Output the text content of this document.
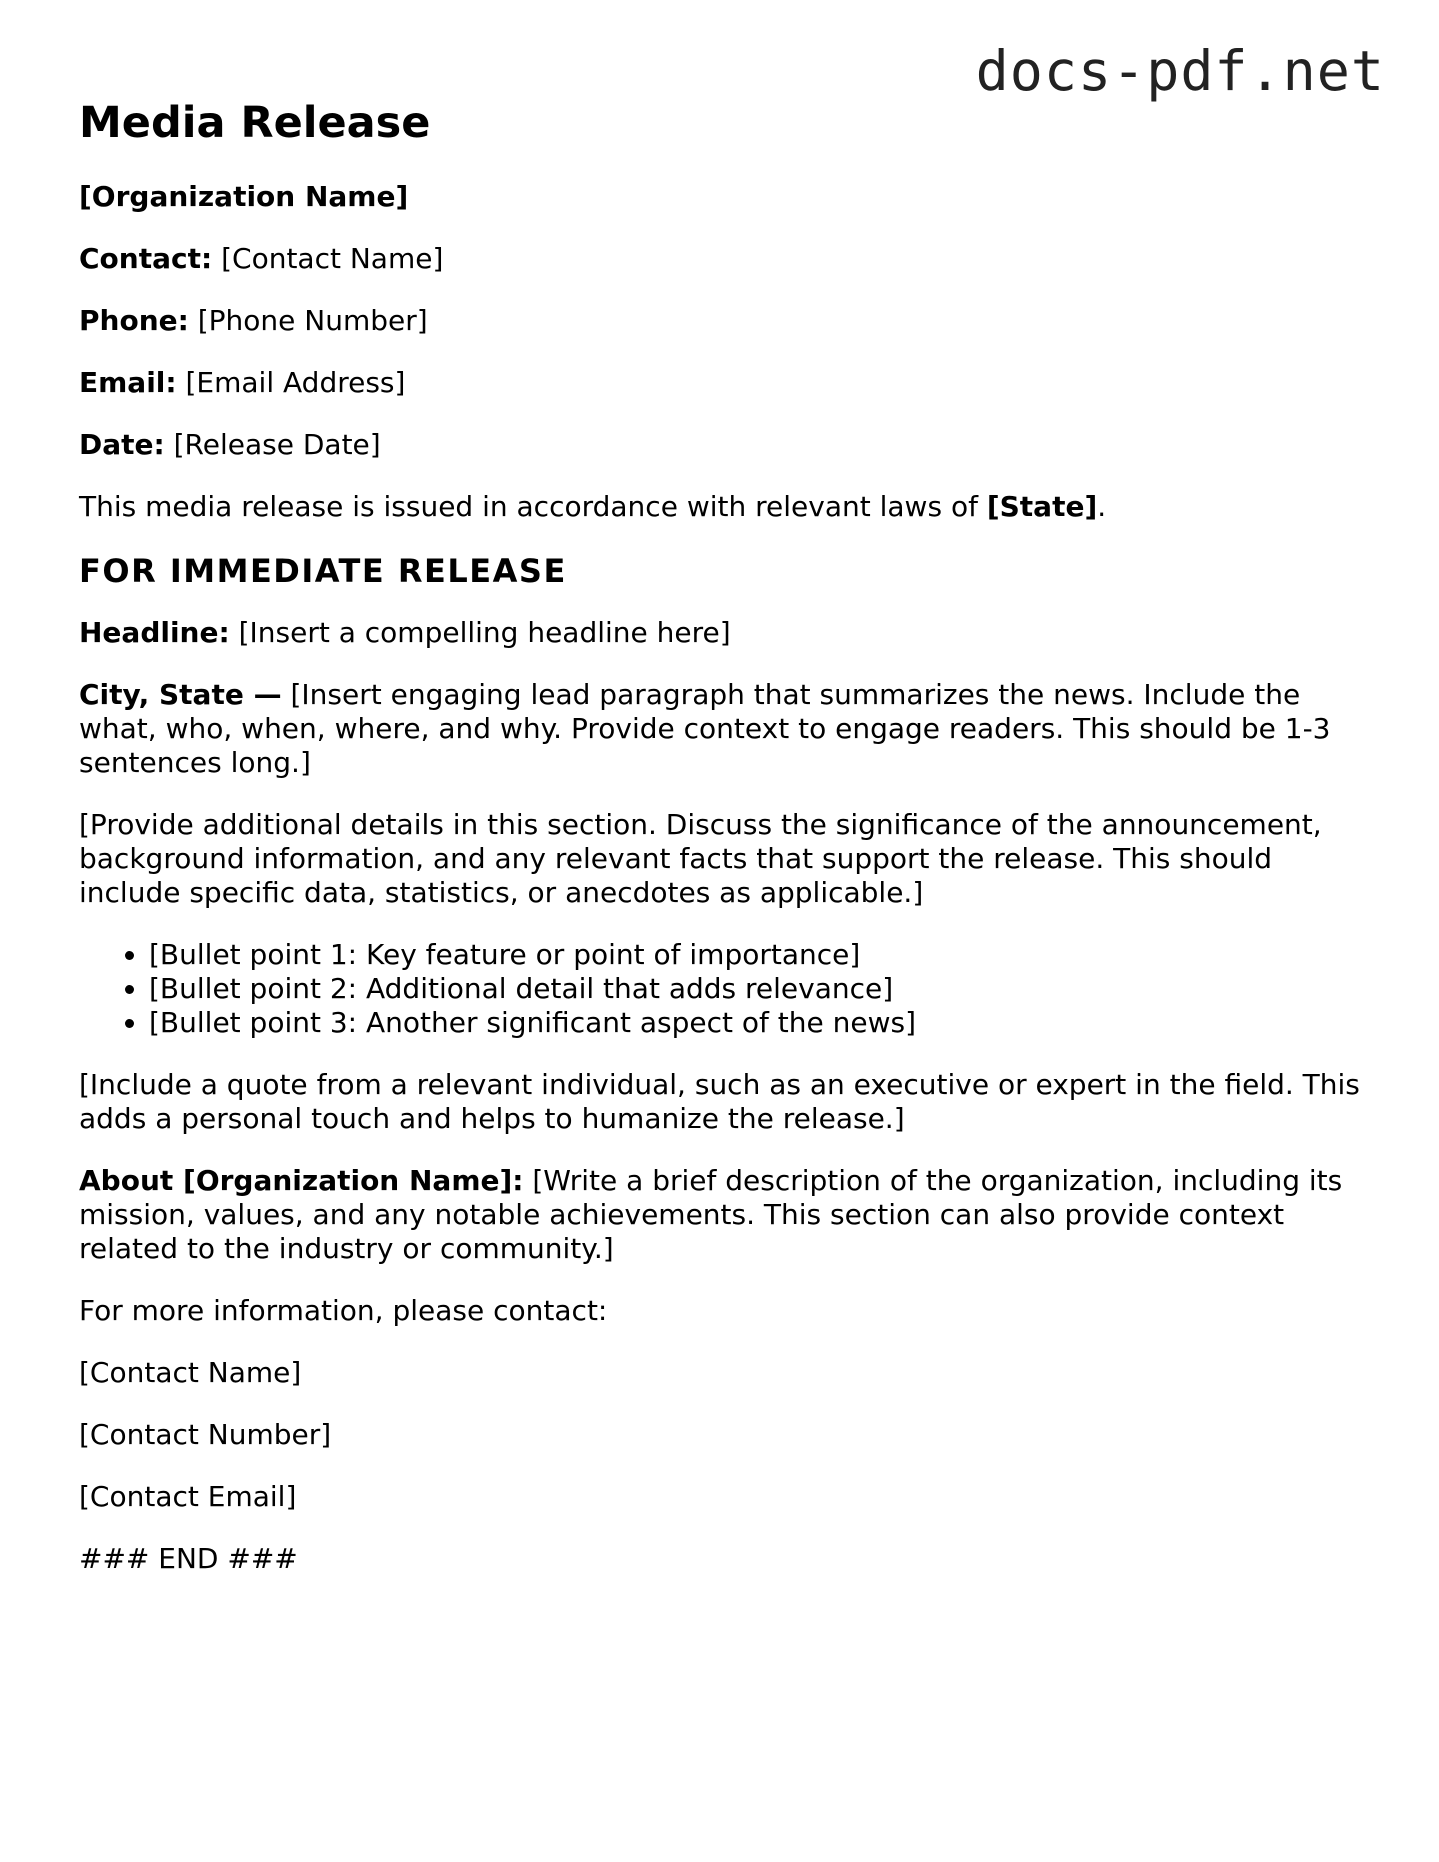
docs-pdf.net
Media Release

[Organization Name]

Contact: [Contact Name]

Phone: [Phone Number]

Email: [Email Address]

Date: [Release Date]

This media release is issued in accordance with relevant laws of [State].

FOR IMMEDIATE RELEASE

Headline: [Insert a compelling headline here]

City, State — [Insert engaging lead paragraph that summarizes the news. Include the what, who, when, where, and why. Provide context to engage readers. This should be 1-3 sentences long.]

[Provide additional details in this section. Discuss the significance of the announcement, background information, and any relevant facts that support the release. This should include specific data, statistics, or anecdotes as applicable.]

• [Bullet point 1: Key feature or point of importance]
• [Bullet point 2: Additional detail that adds relevance]
• [Bullet point 3: Another significant aspect of the news]

[Include a quote from a relevant individual, such as an executive or expert in the field. This adds a personal touch and helps to humanize the release.]

About [Organization Name]: [Write a brief description of the organization, including its mission, values, and any notable achievements. This section can also provide context related to the industry or community.]

For more information, please contact:

[Contact Name]

[Contact Number]

[Contact Email]

### END ###
